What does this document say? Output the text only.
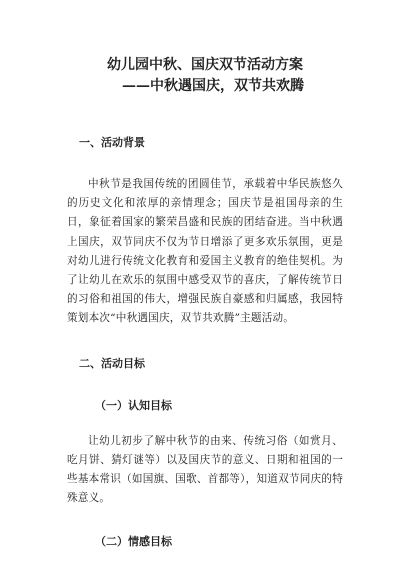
幼儿园中秋、国庆双节活动方案

——中秋遇国庆，双节共欢腾

一、活动背景

中秋节是我国传统的团圆佳节，承载着中华民族悠久的历史文化和浓厚的亲情理念；国庆节是祖国母亲的生日，象征着国家的繁荣昌盛和民族的团结奋进。当中秋遇上国庆，双节同庆不仅为节日增添了更多欢乐氛围，更是对幼儿进行传统文化教育和爱国主义教育的绝佳契机。为了让幼儿在欢乐的氛围中感受双节的喜庆，了解传统节日的习俗和祖国的伟大，增强民族自豪感和归属感，我园特策划本次“中秋遇国庆，双节共欢腾”主题活动。

二、活动目标

（一）认知目标

让幼儿初步了解中秋节的由来、传统习俗（如赏月、吃月饼、猜灯谜等）以及国庆节的意义、日期和祖国的一些基本常识（如国旗、国歌、首都等），知道双节同庆的特殊意义。

（二）情感目标
